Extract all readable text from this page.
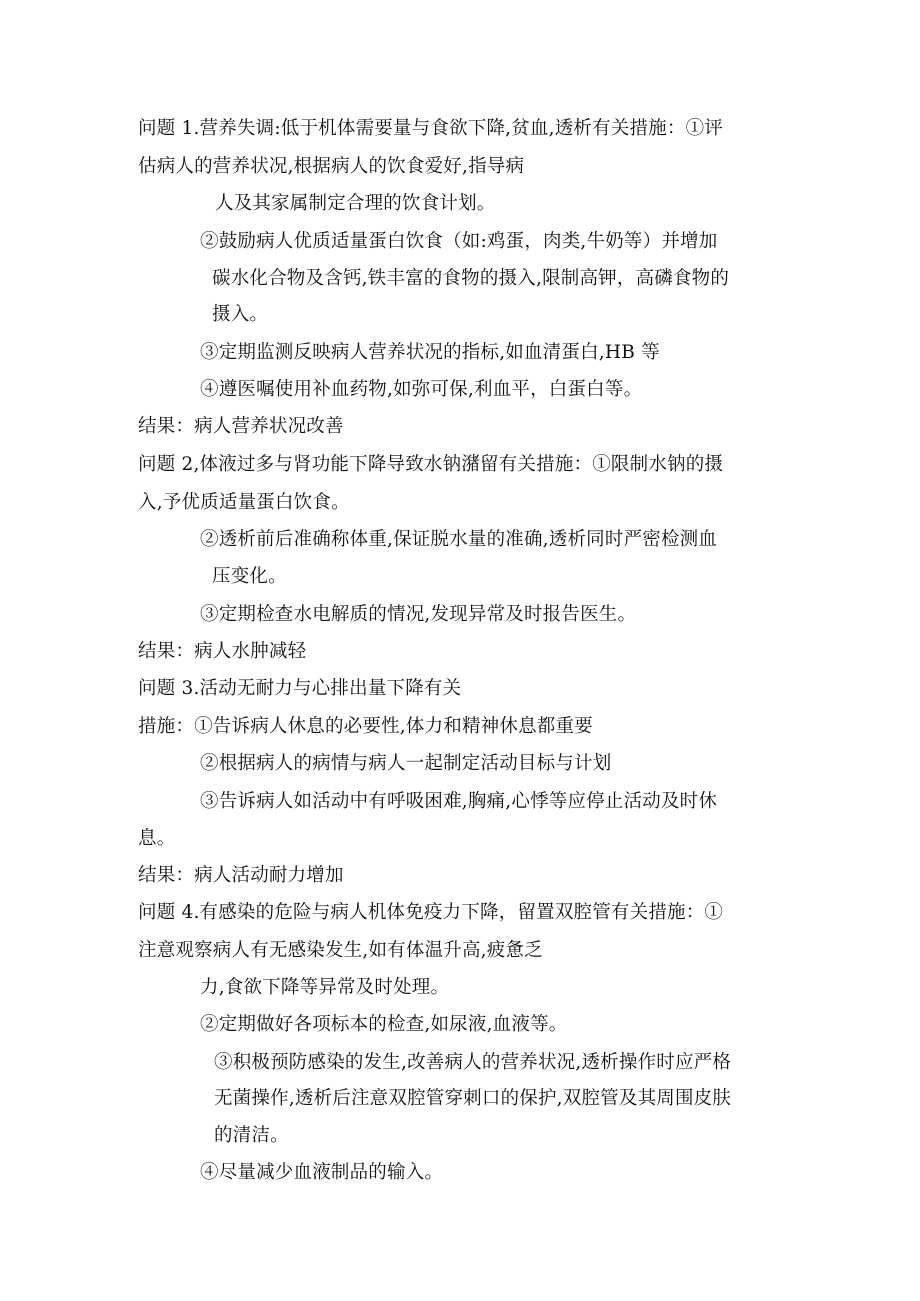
问题 1.营养失调:低于机体需要量与食欲下降,贫血,透析有关措施：①评
估病人的营养状况,根据病人的饮食爱好,指导病
人及其家属制定合理的饮食计划。
②鼓励病人优质适量蛋白饮食（如:鸡蛋，肉类,牛奶等）并增加
碳水化合物及含钙,铁丰富的食物的摄入,限制高钾，高磷食物的
摄入。
③定期监测反映病人营养状况的指标,如血清蛋白,HB 等
④遵医嘱使用补血药物,如弥可保,利血平，白蛋白等。
结果：病人营养状况改善
问题 2,体液过多与肾功能下降导致水钠潴留有关措施：①限制水钠的摄
入,予优质适量蛋白饮食。
②透析前后准确称体重,保证脱水量的准确,透析同时严密检测血
压变化。
③定期检查水电解质的情况,发现异常及时报告医生。
结果：病人水肿减轻
问题 3.活动无耐力与心排出量下降有关
措施：①告诉病人休息的必要性,体力和精神休息都重要
②根据病人的病情与病人一起制定活动目标与计划
③告诉病人如活动中有呼吸困难,胸痛,心悸等应停止活动及时休
息。
结果：病人活动耐力增加
问题 4.有感染的危险与病人机体免疫力下降，留置双腔管有关措施：①
注意观察病人有无感染发生,如有体温升高,疲惫乏
力,食欲下降等异常及时处理。
②定期做好各项标本的检查,如尿液,血液等。
③积极预防感染的发生,改善病人的营养状况,透析操作时应严格
无菌操作,透析后注意双腔管穿刺口的保护,双腔管及其周围皮肤
的清洁。
④尽量减少血液制品的输入。
